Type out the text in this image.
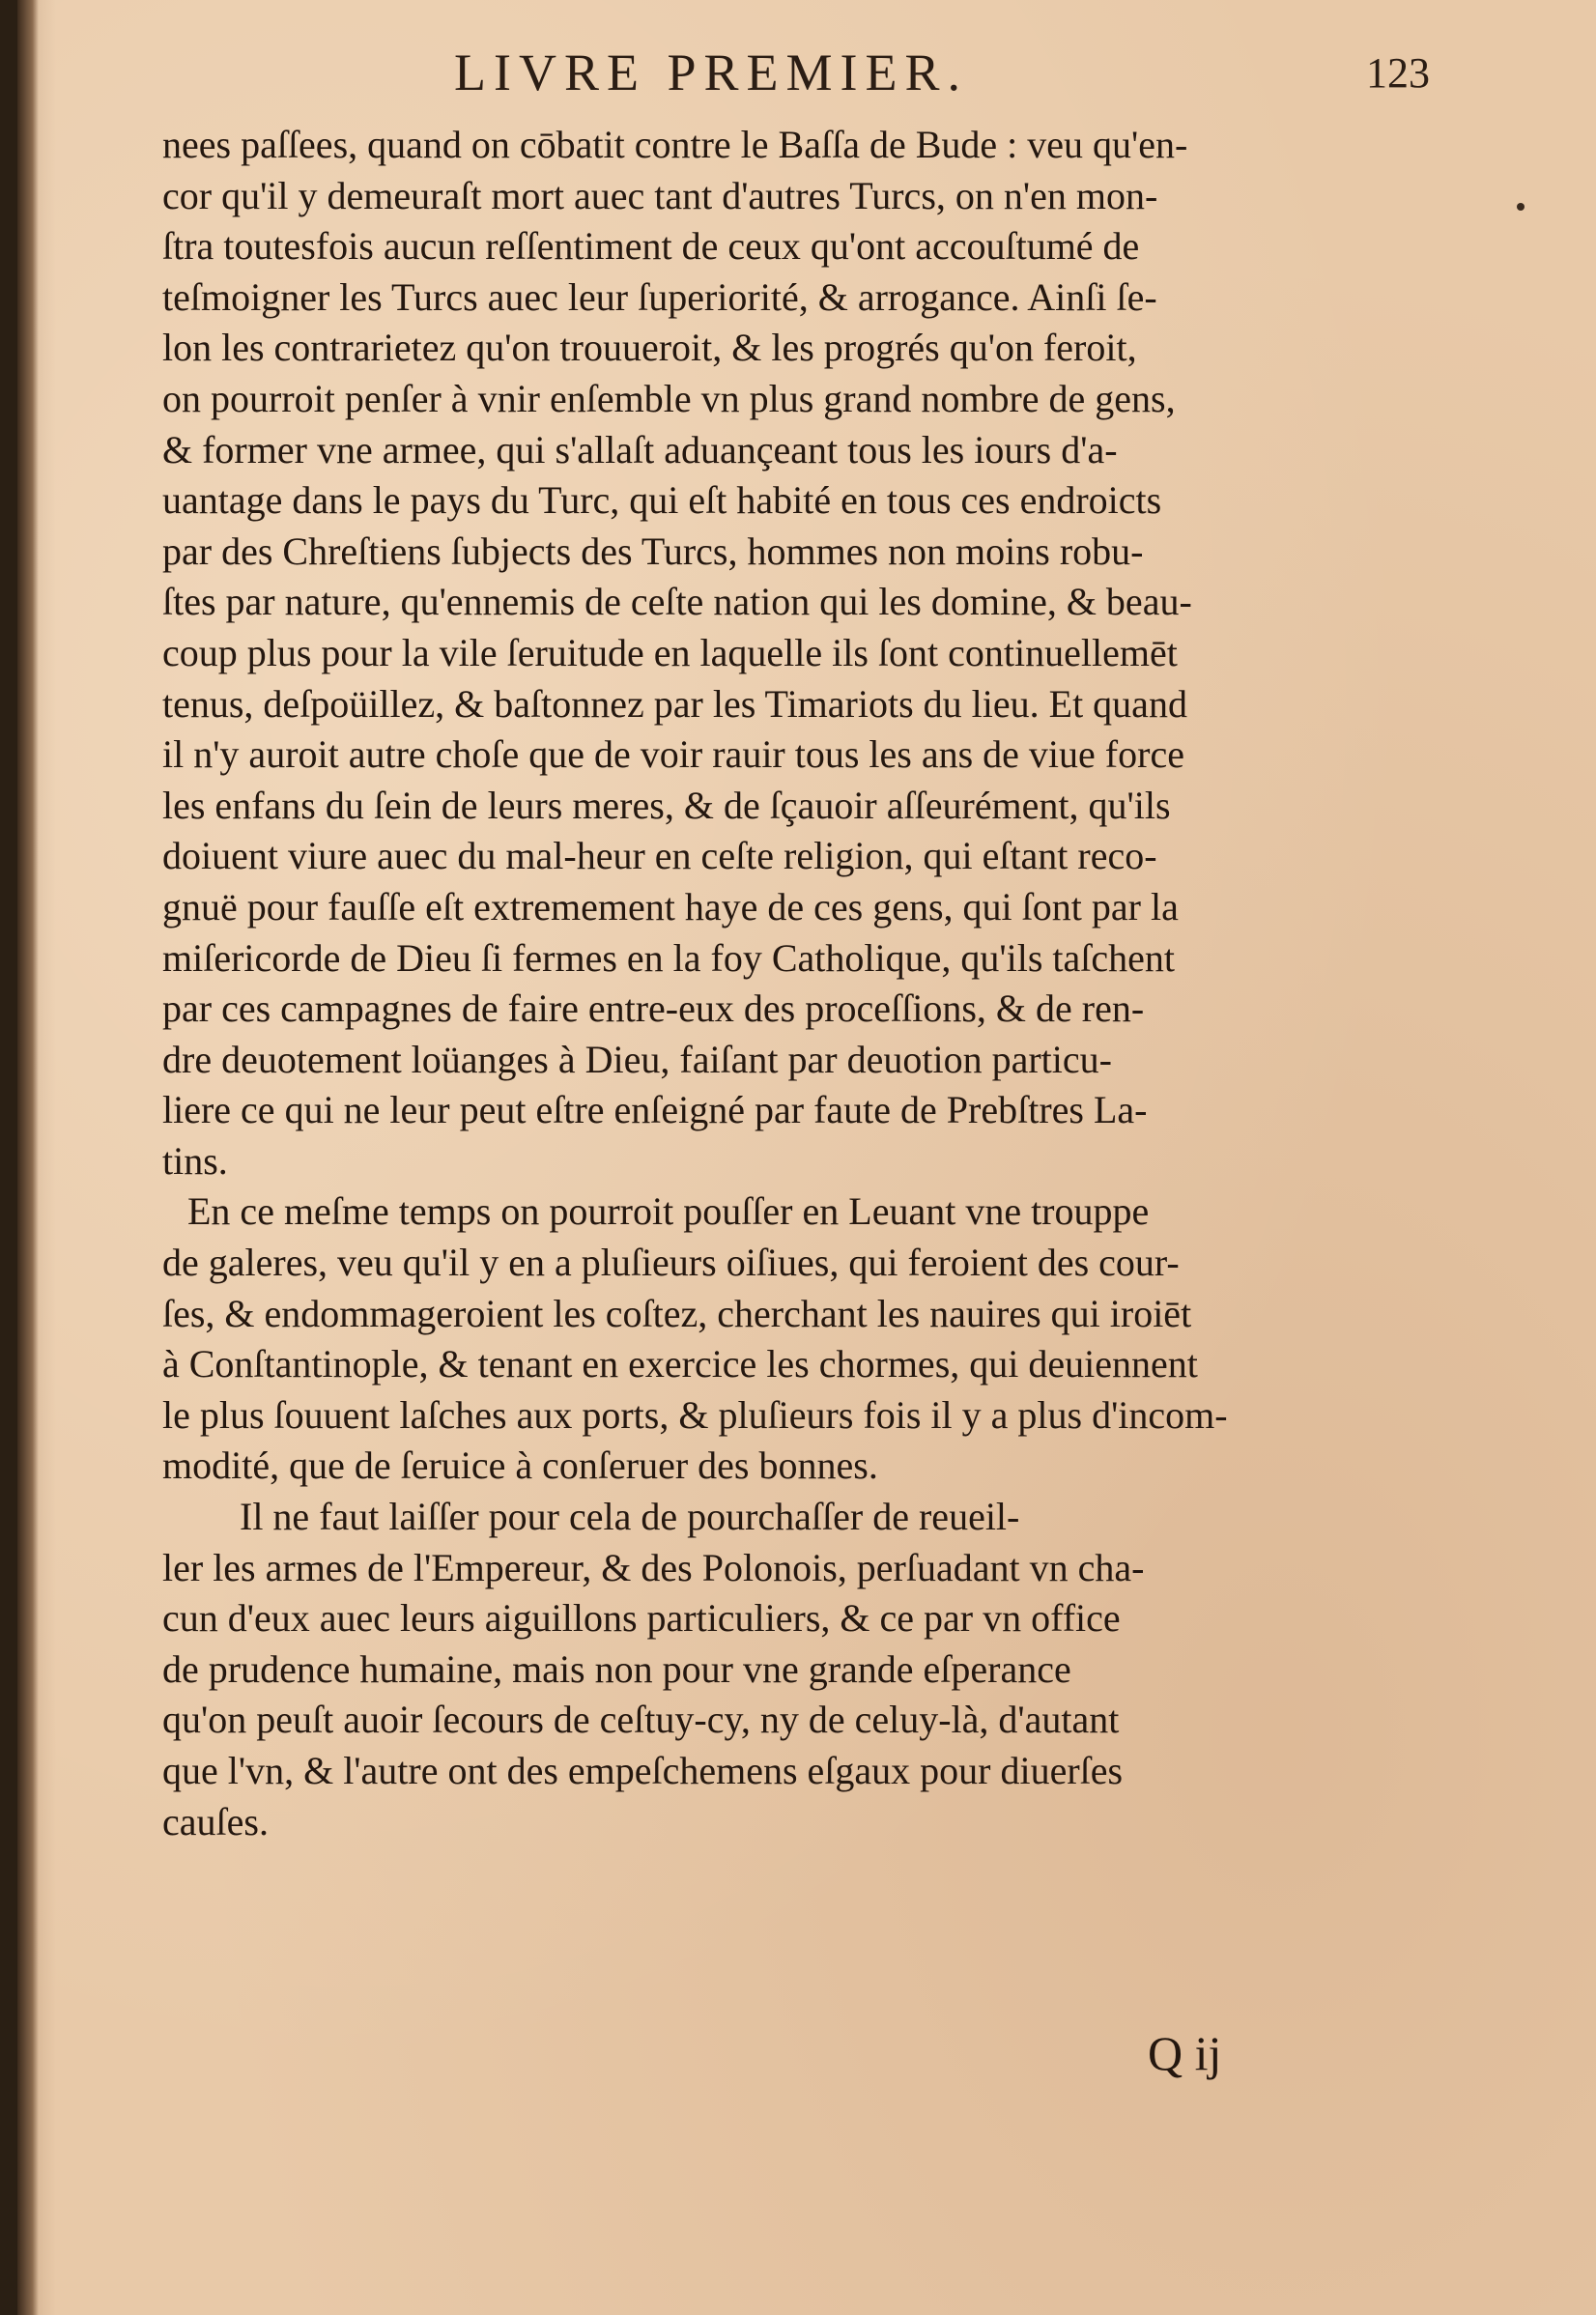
LIVRE PREMIER.	123
nees paſſees, quand on cōbatit contre le Baſſa de Bude : veu qu'en-
cor qu'il y demeuraſt mort auec tant d'autres Turcs, on n'en mon-
ſtra toutesfois aucun reſſentiment de ceux qu'ont accouſtumé de
teſmoigner les Turcs auec leur ſuperiorité, & arrogance. Ainſi ſe-
lon les contrarietez qu'on trouueroit, & les progrés qu'on feroit,
on pourroit penſer à vnir enſemble vn plus grand nombre de gens,
& former vne armee, qui s'allaſt aduançeant tous les iours d'a-
uantage dans le pays du Turc, qui eſt habité en tous ces endroicts
par des Chreſtiens ſubjects des Turcs, hommes non moins robu-
ſtes par nature, qu'ennemis de ceſte nation qui les domine, & beau-
coup plus pour la vile ſeruitude en laquelle ils ſont continuellemēt
tenus, deſpoüillez, & baſtonnez par les Timariots du lieu. Et quand
il n'y auroit autre choſe que de voir rauir tous les ans de viue force
les enfans du ſein de leurs meres, & de ſçauoir aſſeurément, qu'ils
doiuent viure auec du mal-heur en ceſte religion, qui eſtant reco-
gnuë pour fauſſe eſt extremement haye de ces gens, qui ſont par la
miſericorde de Dieu ſi fermes en la foy Catholique, qu'ils taſchent
par ces campagnes de faire entre-eux des proceſſions, & de ren-
dre deuotement loüanges à Dieu, faiſant par deuotion particu-
liere ce qui ne leur peut eſtre enſeigné par faute de Prebſtres La-
tins.
En ce meſme temps on pourroit pouſſer en Leuant vne trouppe
de galeres, veu qu'il y en a pluſieurs oiſiues, qui feroient des cour-
ſes, & endommageroient les coſtez, cherchant les nauires qui iroiēt
à Conſtantinople, & tenant en exercice les chormes, qui deuiennent
le plus ſouuent laſches aux ports, & pluſieurs fois il y a plus d'incom-
modité, que de ſeruice à conſeruer des bonnes.
Il ne faut laiſſer pour cela de pourchaſſer de reueil-
ler les armes de l'Empereur, & des Polonois, perſuadant vn cha-
cun d'eux auec leurs aiguillons particuliers, & ce par vn office
de prudence humaine, mais non pour vne grande eſperance
qu'on peuſt auoir ſecours de ceſtuy-cy, ny de celuy-là, d'autant
que l'vn, & l'autre ont des empeſchemens eſgaux pour diuerſes
cauſes.
Q ij
